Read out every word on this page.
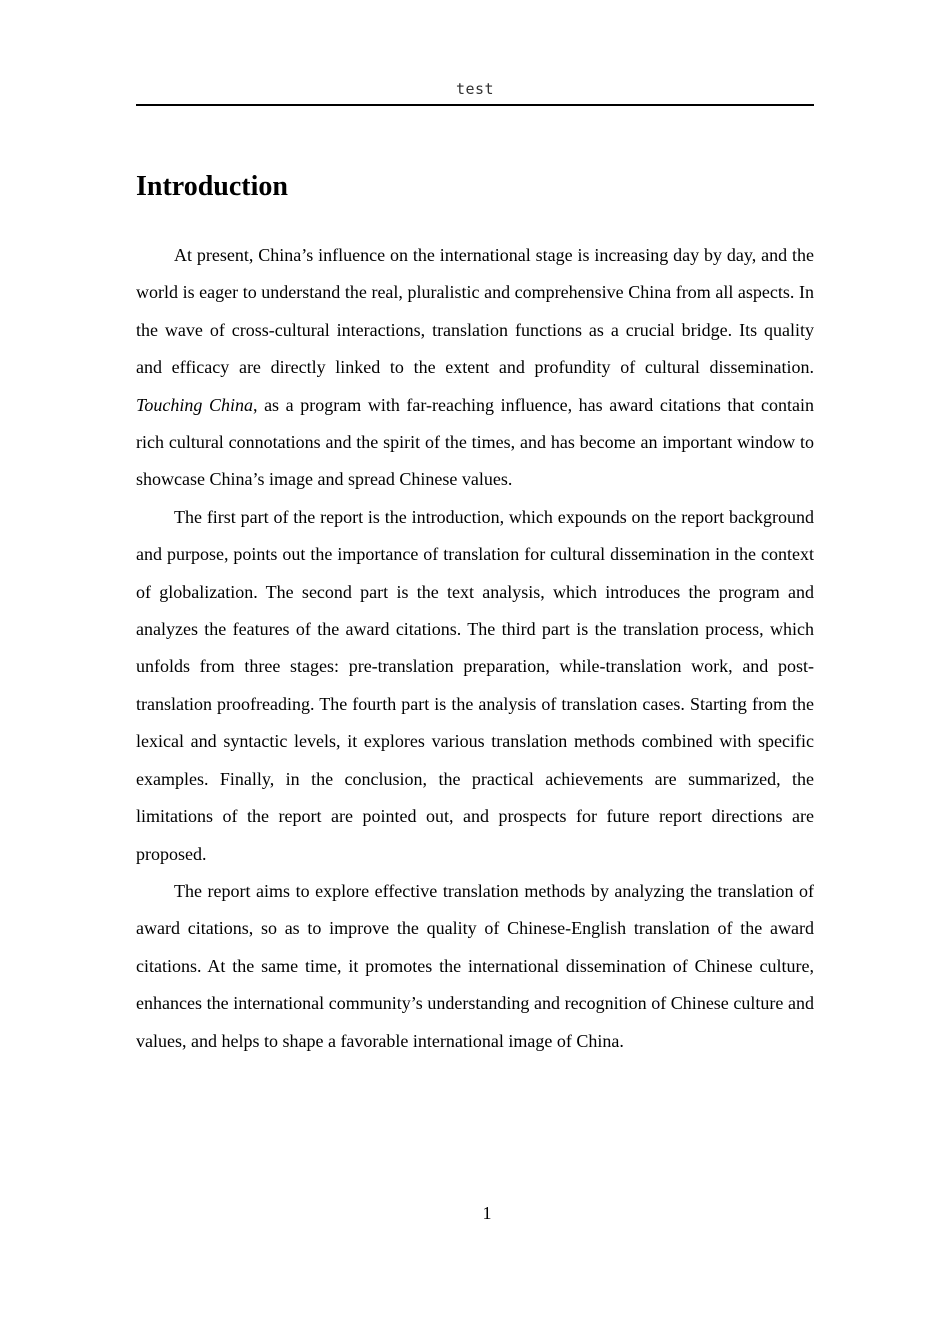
test
Introduction

At present, China’s influence on the international stage is increasing day by day, and the world is eager to understand the real, pluralistic and comprehensive China from all aspects. In the wave of cross-cultural interactions, translation functions as a crucial bridge. Its quality and efficacy are directly linked to the extent and profundity of cultural dissemination. Touching China, as a program with far-reaching influence, has award citations that contain rich cultural connotations and the spirit of the times, and has become an important window to showcase China’s image and spread Chinese values.

The first part of the report is the introduction, which expounds on the report background and purpose, points out the importance of translation for cultural dissemination in the context of globalization. The second part is the text analysis, which introduces the program and analyzes the features of the award citations. The third part is the translation process, which unfolds from three stages: pre-translation preparation, while-translation work, and post-translation proofreading. The fourth part is the analysis of translation cases. Starting from the lexical and syntactic levels, it explores various translation methods combined with specific examples. Finally, in the conclusion, the practical achievements are summarized, the limitations of the report are pointed out, and prospects for future report directions are proposed.

The report aims to explore effective translation methods by analyzing the translation of award citations, so as to improve the quality of Chinese-English translation of the award citations. At the same time, it promotes the international dissemination of Chinese culture, enhances the international community’s understanding and recognition of Chinese culture and values, and helps to shape a favorable international image of China.

1
